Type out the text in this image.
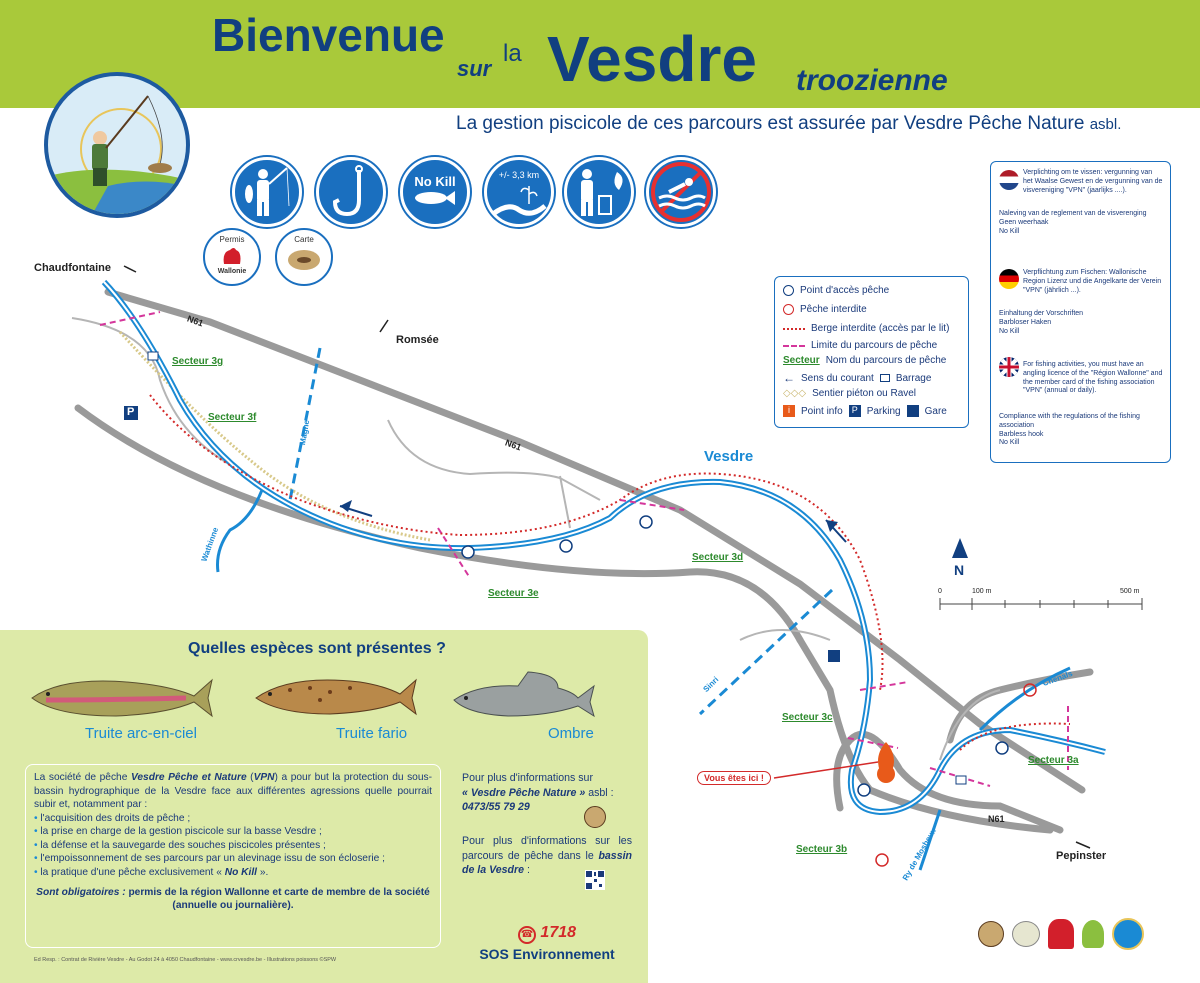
Bienvenue
sur
la Vesdre troozienne
La gestion piscicole de ces parcours est assurée par Vesdre Pêche Nature asbl.
No Kill	+/- 3,3 km
Permis
Wallonie
Carte
Chaudfontaine
Romsée
Pepinster
N61
N61
N61
Vesdre
Magne
Wathinne
Sinri	Chenals
Ry de Mosbeux
Vous êtes ici !
P
N
0	100 m	500 m
Secteur 3g
Secteur 3f
Secteur 3e
Secteur 3d
Secteur 3c
Secteur 3b
Secteur 3a
Point d'accès pêche
Pêche interdite
Berge interdite (accès par le lit)
Limite du parcours de pêche
Secteur Nom du parcours de pêche
← Sens du courant Barrage
◇◇◇ Sentier piéton ou Ravel
i	Point info P Parking Gare
Verplichting om te vissen: vergunning van het Waalse Gewest en de vergunning van de visvereniging "VPN" (jaarlijks ....).
Naleving van de reglement van de visverenging
Geen weerhaak
No Kill
Verpflichtung zum Fischen: Wallonische Region Lizenz und die Angelkarte der Verein "VPN" (jährlich ...).
Einhaltung der Vorschriften
Barbloser Haken
No Kill
For fishing activities, you must have an angling licence of the "Région Wallonne" and the member card of the fishing association "VPN" (annual or daily).
Compliance with the regulations of the fishing association
Barbless hook
No Kill
Quelles espèces sont présentes ?
Truite arc-en-ciel	Truite fario	Ombre

La société de pêche Vesdre Pêche et Nature (VPN) a pour but la protection du sous-bassin hydrographique de la Vesdre face aux différentes agressions quelle pourrait subir et, notamment par :

• l'acquisition des droits de pêche ;
• la prise en charge de la gestion piscicole sur la basse Vesdre ;
• la défense et la sauvegarde des souches piscicoles présentes ;
• l'empoissonnement de ses parcours par un alevinage issu de son écloserie ;
• la pratique d'une pêche exclusivement « No Kill ».

Sont obligatoires : permis de la région Wallonne et carte de membre de la société (annuelle ou journalière).

Pour plus d'informations sur
« Vesdre Pêche Nature » asbl :
0473/55 79 29
Pour plus d'informations sur les parcours de pêche dans le bassin de la Vesdre :
☎ 1718
SOS Environnement
Ed Resp. : Contrat de Rivière Vesdre - Au Godot 24 à 4050 Chaudfontaine - www.crvesdre.be - Illustrations poissons ©SPW
